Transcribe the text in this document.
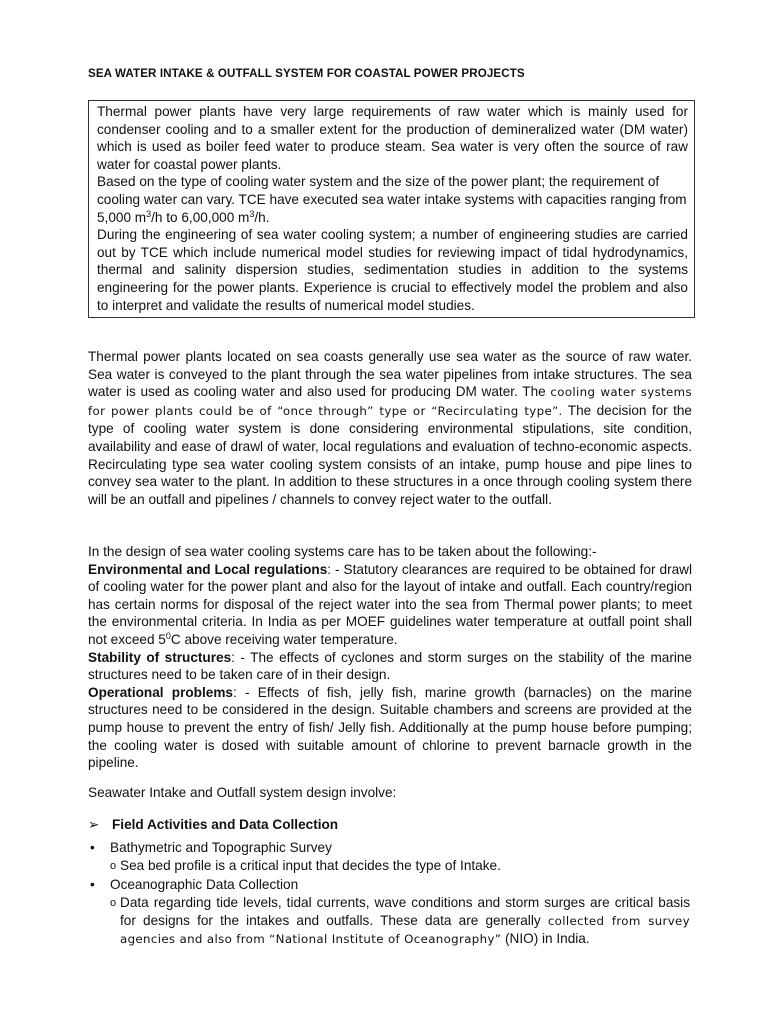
SEA WATER INTAKE & OUTFALL SYSTEM FOR COASTAL POWER PROJECTS

Thermal power plants have very large requirements of raw water which is mainly used for condenser cooling and to a smaller extent for the production of demineralized water (DM water) which is used as boiler feed water to produce steam. Sea water is very often the source of raw water for coastal power plants.

Based on the type of cooling water system and the size of the power plant; the requirement of cooling water can vary. TCE have executed sea water intake systems with capacities ranging from 5,000 $m^3/h$ to 6,00,000 $m^3/h$.

During the engineering of sea water cooling system; a number of engineering studies are carried out by TCE which include numerical model studies for reviewing impact of tidal hydrodynamics, thermal and salinity dispersion studies, sedimentation studies in addition to the systems engineering for the power plants. Experience is crucial to effectively model the problem and also to interpret and validate the results of numerical model studies.

Thermal power plants located on sea coasts generally use sea water as the source of raw water. Sea water is conveyed to the plant through the sea water pipelines from intake structures. The sea water is used as cooling water and also used for producing DM water. The cooling water systems for power plants could be of “once through” type or “Recirculating type”. The decision for the type of cooling water system is done considering environmental stipulations, site condition, availability and ease of drawl of water, local regulations and evaluation of techno-economic aspects. Recirculating type sea water cooling system consists of an intake, pump house and pipe lines to convey sea water to the plant. In addition to these structures in a once through cooling system there will be an outfall and pipelines / channels to convey reject water to the outfall.

In the design of sea water cooling systems care has to be taken about the following:-

Environmental and Local regulations: - Statutory clearances are required to be obtained for drawl of cooling water for the power plant and also for the layout of intake and outfall. Each country/region has certain norms for disposal of the reject water into the sea from Thermal power plants; to meet the environmental criteria. In India as per MOEF guidelines water temperature at outfall point shall not exceed $5^0C$ above receiving water temperature.

Stability of structures: - The effects of cyclones and storm surges on the stability of the marine structures need to be taken care of in their design.

Operational problems: - Effects of fish, jelly fish, marine growth (barnacles) on the marine structures need to be considered in the design. Suitable chambers and screens are provided at the pump house to prevent the entry of fish/ Jelly fish. Additionally at the pump house before pumping; the cooling water is dosed with suitable amount of chlorine to prevent barnacle growth in the pipeline.

Seawater Intake and Outfall system design involve:

➢ Field Activities and Data Collection
• Bathymetric and Topographic Survey
o Sea bed profile is a critical input that decides the type of Intake.
• Oceanographic Data Collection
o Data regarding tide levels, tidal currents, wave conditions and storm surges are critical basis for designs for the intakes and outfalls. These data are generally collected from survey agencies and also from “National Institute of Oceanography” (NIO) in India.
